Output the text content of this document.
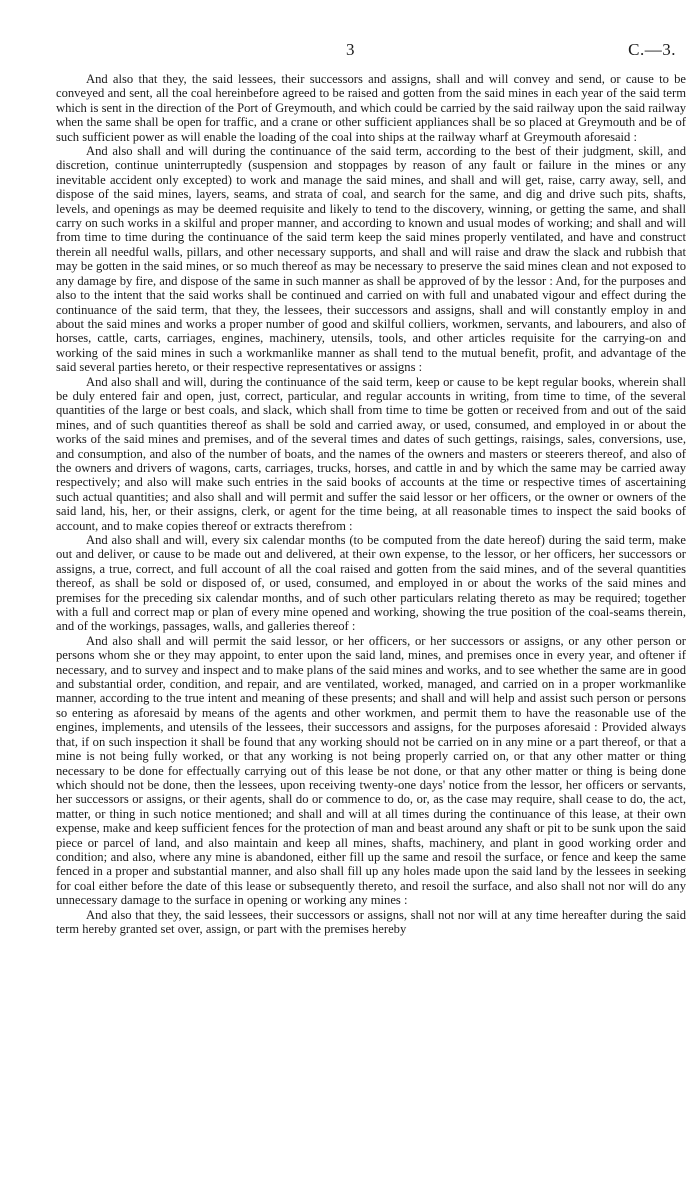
3	C.—3.

And also that they, the said lessees, their successors and assigns, shall and will convey and send, or cause to be conveyed and sent, all the coal hereinbefore agreed to be raised and gotten from the said mines in each year of the said term which is sent in the direction of the Port of Greymouth, and which could be carried by the said railway upon the said railway when the same shall be open for traffic, and a crane or other sufficient appliances shall be so placed at Greymouth and be of such sufficient power as will enable the loading of the coal into ships at the railway wharf at Greymouth aforesaid :

And also shall and will during the continuance of the said term, according to the best of their judgment, skill, and discretion, continue uninterruptedly (suspension and stoppages by reason of any fault or failure in the mines or any inevitable accident only excepted) to work and manage the said mines, and shall and will get, raise, carry away, sell, and dispose of the said mines, layers, seams, and strata of coal, and search for the same, and dig and drive such pits, shafts, levels, and openings as may be deemed requisite and likely to tend to the discovery, winning, or getting the same, and shall carry on such works in a skilful and proper manner, and according to known and usual modes of working; and shall and will from time to time during the continuance of the said term keep the said mines properly ventilated, and have and construct therein all needful walls, pillars, and other necessary supports, and shall and will raise and draw the slack and rubbish that may be gotten in the said mines, or so much thereof as may be necessary to preserve the said mines clean and not exposed to any damage by fire, and dispose of the same in such manner as shall be approved of by the lessor : And, for the purposes and also to the intent that the said works shall be continued and carried on with full and unabated vigour and effect during the continuance of the said term, that they, the lessees, their successors and assigns, shall and will constantly employ in and about the said mines and works a proper number of good and skilful colliers, workmen, servants, and labourers, and also of horses, cattle, carts, carriages, engines, machinery, utensils, tools, and other articles requisite for the carrying-on and working of the said mines in such a workmanlike manner as shall tend to the mutual benefit, profit, and advantage of the said several parties hereto, or their respective representatives or assigns :

And also shall and will, during the continuance of the said term, keep or cause to be kept regular books, wherein shall be duly entered fair and open, just, correct, particular, and regular accounts in writing, from time to time, of the several quantities of the large or best coals, and slack, which shall from time to time be gotten or received from and out of the said mines, and of such quantities thereof as shall be sold and carried away, or used, consumed, and employed in or about the works of the said mines and premises, and of the several times and dates of such gettings, raisings, sales, conversions, use, and consumption, and also of the number of boats, and the names of the owners and masters or steerers thereof, and also of the owners and drivers of wagons, carts, carriages, trucks, horses, and cattle in and by which the same may be carried away respectively; and also will make such entries in the said books of accounts at the time or respective times of ascertaining such actual quantities; and also shall and will permit and suffer the said lessor or her officers, or the owner or owners of the said land, his, her, or their assigns, clerk, or agent for the time being, at all reasonable times to inspect the said books of account, and to make copies thereof or extracts therefrom :

And also shall and will, every six calendar months (to be computed from the date hereof) during the said term, make out and deliver, or cause to be made out and delivered, at their own expense, to the lessor, or her officers, her successors or assigns, a true, correct, and full account of all the coal raised and gotten from the said mines, and of the several quantities thereof, as shall be sold or disposed of, or used, consumed, and employed in or about the works of the said mines and premises for the preceding six calendar months, and of such other particulars relating thereto as may be required; together with a full and correct map or plan of every mine opened and working, showing the true position of the coal-seams therein, and of the workings, passages, walls, and galleries thereof :

And also shall and will permit the said lessor, or her officers, or her successors or assigns, or any other person or persons whom she or they may appoint, to enter upon the said land, mines, and premises once in every year, and oftener if necessary, and to survey and inspect and to make plans of the said mines and works, and to see whether the same are in good and substantial order, condition, and repair, and are ventilated, worked, managed, and carried on in a proper workmanlike manner, according to the true intent and meaning of these presents; and shall and will help and assist such person or persons so entering as aforesaid by means of the agents and other workmen, and permit them to have the reasonable use of the engines, implements, and utensils of the lessees, their successors and assigns, for the purposes aforesaid : Provided always that, if on such inspection it shall be found that any working should not be carried on in any mine or a part thereof, or that a mine is not being fully worked, or that any working is not being properly carried on, or that any other matter or thing necessary to be done for effectually carrying out of this lease be not done, or that any other matter or thing is being done which should not be done, then the lessees, upon receiving twenty-one days' notice from the lessor, her officers or servants, her successors or assigns, or their agents, shall do or commence to do, or, as the case may require, shall cease to do, the act, matter, or thing in such notice mentioned; and shall and will at all times during the continuance of this lease, at their own expense, make and keep sufficient fences for the protection of man and beast around any shaft or pit to be sunk upon the said piece or parcel of land, and also maintain and keep all mines, shafts, machinery, and plant in good working order and condition; and also, where any mine is abandoned, either fill up the same and resoil the surface, or fence and keep the same fenced in a proper and substantial manner, and also shall fill up any holes made upon the said land by the lessees in seeking for coal either before the date of this lease or subsequently thereto, and resoil the surface, and also shall not nor will do any unnecessary damage to the surface in opening or working any mines :

And also that they, the said lessees, their successors or assigns, shall not nor will at any time hereafter during the said term hereby granted set over, assign, or part with the premises hereby
